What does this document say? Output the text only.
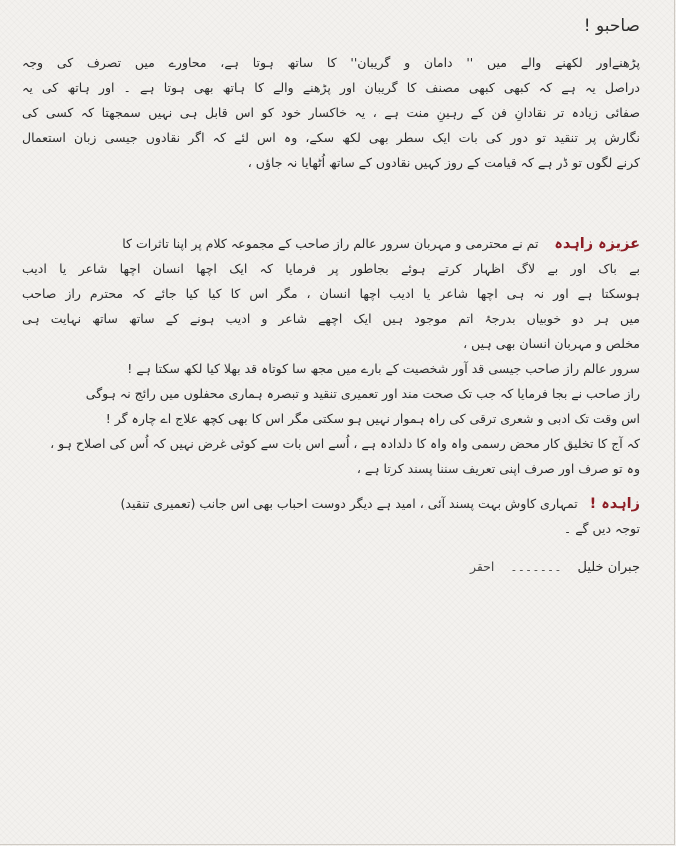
صاحبو !
پڑھنےاور لکھنے والے میں '' دامان و گریبان'' کا ساتھ ہوتا ہے، محاورے میں تصرف کی وجہ
دراصل یہ ہے کہ کبھی کبھی مصنف کا گریبان اور پڑھنے والے کا ہاتھ بھی ہوتا ہے ۔ اور ہاتھ کی یہ
صفائی زیادہ تر نقادانِ فن کے رہینِ منت ہے ، یہ خاکسار خود کو اس قابل ہی نہیں سمجھتا کہ کسی کی
نگارش پر تنقید تو دور کی بات ایک سطر بھی لکھ سکے، وہ اس لئے کہ اگر نقادوں جیسی زبان استعمال
کرنے لگوں تو ڈر ہے کہ قیامت کے روز کہیں نقادوں کے ساتھ اُٹھایا نہ جاؤں ،
عزیزہ زاہدہ    تم نے محترمی و مہربان سرور عالم راز صاحب کے مجموعہ کلام پر اپنا تاثرات کا
بے باک اور بے لاگ اظہار کرتے ہوئے بجاطور پر فرمایا کہ ایک اچھا انسان اچھا شاعر یا ادیب
ہوسکتا ہے اور نہ ہی اچھا شاعر یا ادیب اچھا انسان ، مگر اس کا کیا کیا جائے کہ محترم راز صاحب
میں ہر دو خوبیاں بدرجۂ اتم موجود ہیں ایک اچھے شاعر و ادیب ہونے کے ساتھ ساتھ نہایت ہی
مخلص و مہربان انسان بھی ہیں ،
سرور عالم راز صاحب جیسی قد آور شخصیت کے بارے میں مجھ سا کوتاہ قد بھلا کیا لکھ سکتا ہے !
راز صاحب نے بجا فرمایا کہ جب تک صحت مند اور تعمیری تنقید و تبصرہ ہماری محفلوں میں رائج نہ ہوگی
اس وقت تک ادبی و شعری ترقی کی راہ ہموار نہیں ہو سکتی مگر اس کا بھی کچھ علاج اے چارہ گر !
کہ آج کا تخلیق کار محض رسمی واہ واہ کا دلدادہ ہے ، اُسے اس بات سے کوئی غرض نہیں کہ اُس کی اصلاح ہو ،
وہ تو صرف اور صرف اپنی تعریف سننا پسند کرتا ہے ،
زاہدہ !   تمہاری کاوش بہت پسند آئی ، امید ہے دیگر دوست احباب بھی اس جانب (تعمیری تنقید)
توجہ دیں گے ۔
جبران خلیل    ۔۔۔۔۔۔۔    احقر
